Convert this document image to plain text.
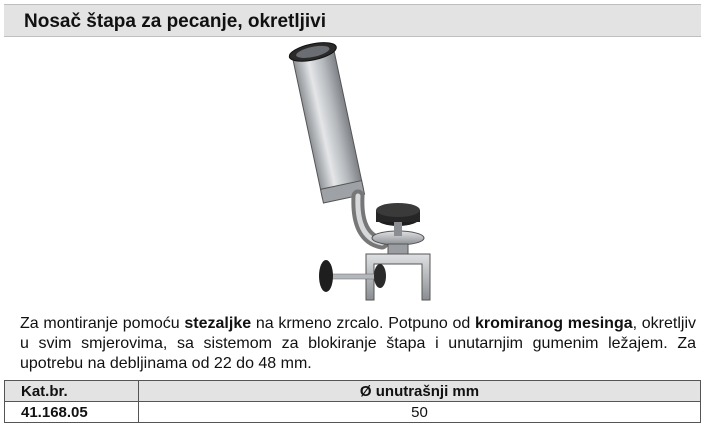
Nosač štapa za pecanje, okretljivi
Za montiranje pomoću stezaljke na krmeno zrcalo. Potpuno od kromiranog mesinga, okretljiv u svim smjerovima, sa sistemom za blokiranje štapa i unutarnjim gumenim ležajem. Za upotrebu na debljinama od 22 do 48 mm.
Kat.br.	Ø unutrašnji mm
41.168.05	50
